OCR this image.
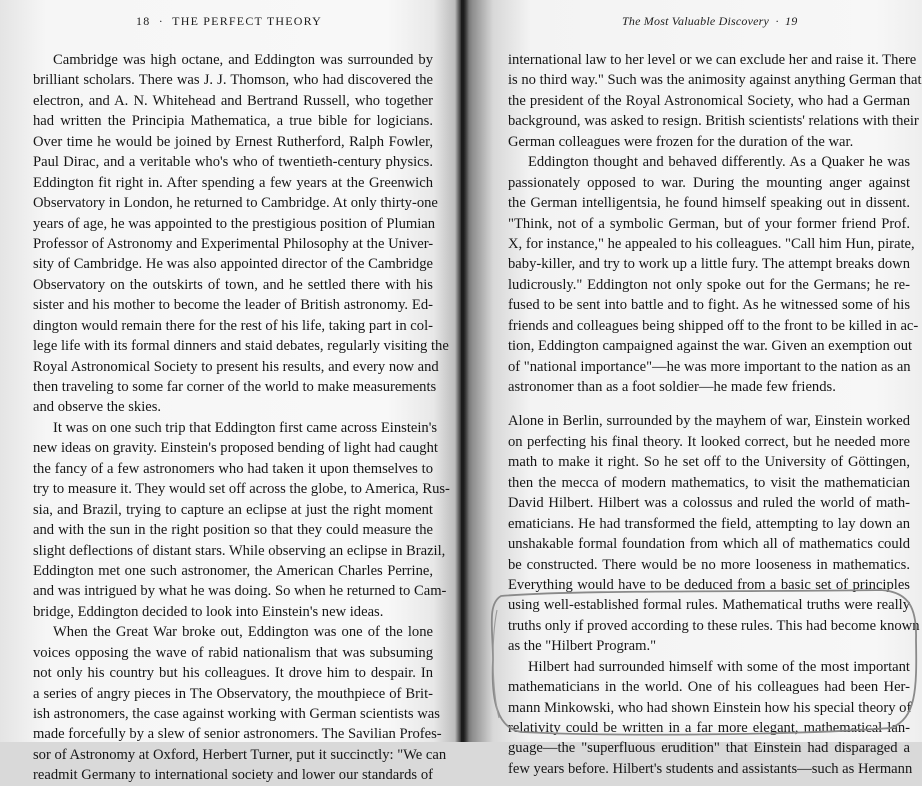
18  ·  THE PERFECT THEORY
Cambridge was high octane, and Eddington was surrounded by
brilliant scholars. There was J. J. Thomson, who had discovered the
electron, and A. N. Whitehead and Bertrand Russell, who together
had written the Principia Mathematica, a true bible for logicians.
Over time he would be joined by Ernest Rutherford, Ralph Fowler,
Paul Dirac, and a veritable who's who of twentieth-century physics.
Eddington fit right in. After spending a few years at the Greenwich
Observatory in London, he returned to Cambridge. At only thirty-one
years of age, he was appointed to the prestigious position of Plumian
Professor of Astronomy and Experimental Philosophy at the Univer-
sity of Cambridge. He was also appointed director of the Cambridge
Observatory on the outskirts of town, and he settled there with his
sister and his mother to become the leader of British astronomy. Ed-
dington would remain there for the rest of his life, taking part in col-
lege life with its formal dinners and staid debates, regularly visiting the
Royal Astronomical Society to present his results, and every now and
then traveling to some far corner of the world to make measurements
and observe the skies.
It was on one such trip that Eddington first came across Einstein's
new ideas on gravity. Einstein's proposed bending of light had caught
the fancy of a few astronomers who had taken it upon themselves to
try to measure it. They would set off across the globe, to America, Rus-
sia, and Brazil, trying to capture an eclipse at just the right moment
and with the sun in the right position so that they could measure the
slight deflections of distant stars. While observing an eclipse in Brazil,
Eddington met one such astronomer, the American Charles Perrine,
and was intrigued by what he was doing. So when he returned to Cam-
bridge, Eddington decided to look into Einstein's new ideas.
When the Great War broke out, Eddington was one of the lone
voices opposing the wave of rabid nationalism that was subsuming
not only his country but his colleagues. It drove him to despair. In
a series of angry pieces in The Observatory, the mouthpiece of Brit-
ish astronomers, the case against working with German scientists was
made forcefully by a slew of senior astronomers. The Savilian Profes-
sor of Astronomy at Oxford, Herbert Turner, put it succinctly: "We can
readmit Germany to international society and lower our standards of
The Most Valuable Discovery  ·  19
international law to her level or we can exclude her and raise it. There
is no third way." Such was the animosity against anything German that
the president of the Royal Astronomical Society, who had a German
background, was asked to resign. British scientists' relations with their
German colleagues were frozen for the duration of the war.
Eddington thought and behaved differently. As a Quaker he was
passionately opposed to war. During the mounting anger against
the German intelligentsia, he found himself speaking out in dissent.
"Think, not of a symbolic German, but of your former friend Prof.
X, for instance," he appealed to his colleagues. "Call him Hun, pirate,
baby-killer, and try to work up a little fury. The attempt breaks down
ludicrously." Eddington not only spoke out for the Germans; he re-
fused to be sent into battle and to fight. As he witnessed some of his
friends and colleagues being shipped off to the front to be killed in ac-
tion, Eddington campaigned against the war. Given an exemption out
of "national importance"—he was more important to the nation as an
astronomer than as a foot soldier—he made few friends.
Alone in Berlin, surrounded by the mayhem of war, Einstein worked
on perfecting his final theory. It looked correct, but he needed more
math to make it right. So he set off to the University of Göttingen,
then the mecca of modern mathematics, to visit the mathematician
David Hilbert. Hilbert was a colossus and ruled the world of math-
ematicians. He had transformed the field, attempting to lay down an
unshakable formal foundation from which all of mathematics could
be constructed. There would be no more looseness in mathematics.
Everything would have to be deduced from a basic set of principles
using well-established formal rules. Mathematical truths were really
truths only if proved according to these rules. This had become known
as the "Hilbert Program."
Hilbert had surrounded himself with some of the most important
mathematicians in the world. One of his colleagues had been Her-
mann Minkowski, who had shown Einstein how his special theory of
relativity could be written in a far more elegant, mathematical lan-
guage—the "superfluous erudition" that Einstein had disparaged a
few years before. Hilbert's students and assistants—such as Hermann
